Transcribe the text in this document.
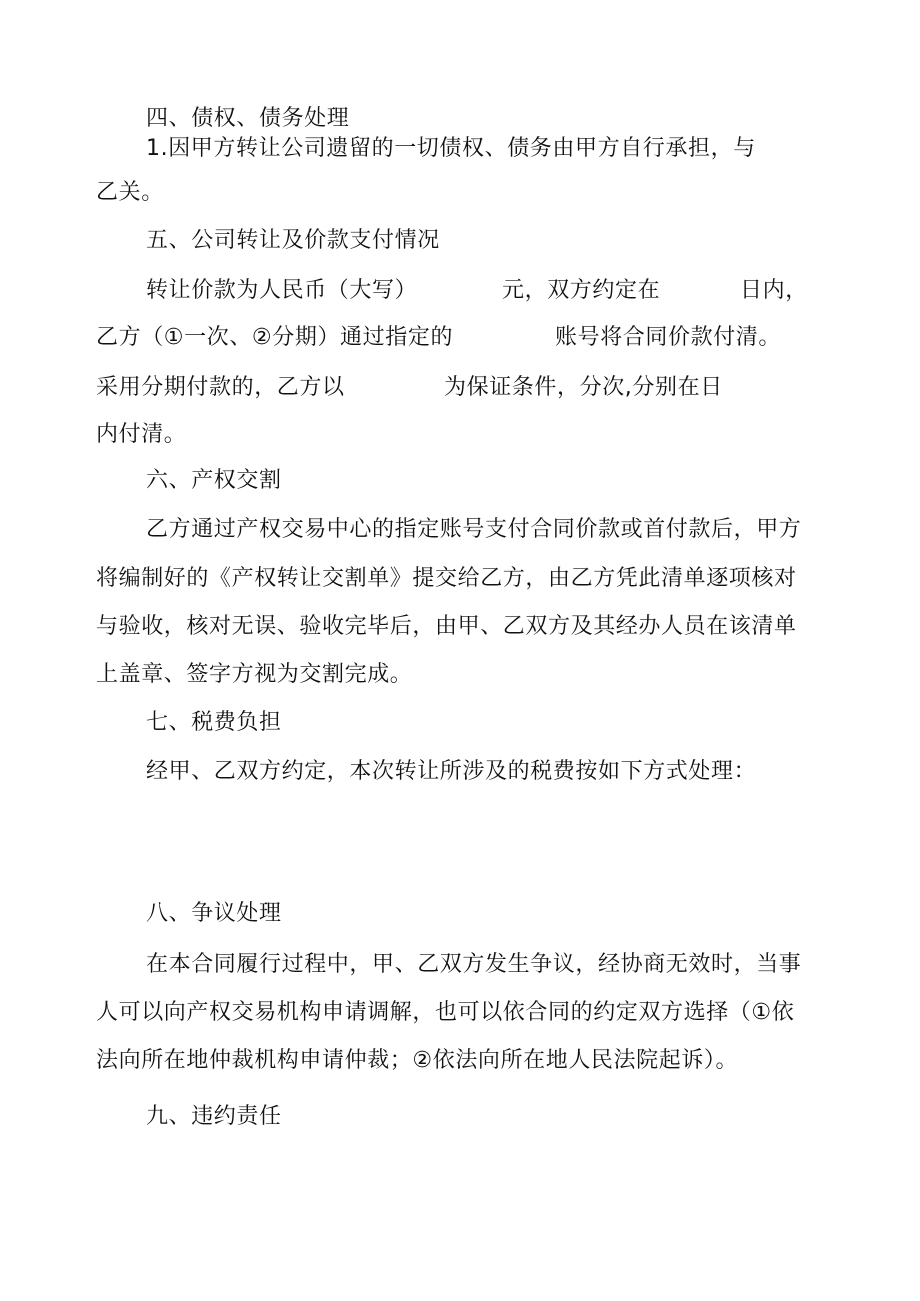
四、债权、债务处理
1.因甲方转让公司遗留的一切债权、债务由甲方自行承担，与
乙关。
五、公司转让及价款支付情况
转让价款为人民币（大写）	元，双方约定在	日内，
乙方（①一次、②分期）通过指定的	账号将合同价款付清。
采用分期付款的，乙方以	为保证条件，分次,分别在日
内付清。
六、产权交割
乙方通过产权交易中心的指定账号支付合同价款或首付款后，甲方
将编制好的《产权转让交割单》提交给乙方，由乙方凭此清单逐项核对
与验收，核对无误、验收完毕后，由甲、乙双方及其经办人员在该清单
上盖章、签字方视为交割完成。
七、税费负担
经甲、乙双方约定，本次转让所涉及的税费按如下方式处理：
八、争议处理
在本合同履行过程中，甲、乙双方发生争议，经协商无效时，当事
人可以向产权交易机构申请调解，也可以依合同的约定双方选择（①依
法向所在地仲裁机构申请仲裁；②依法向所在地人民法院起诉）。
九、违约责任
